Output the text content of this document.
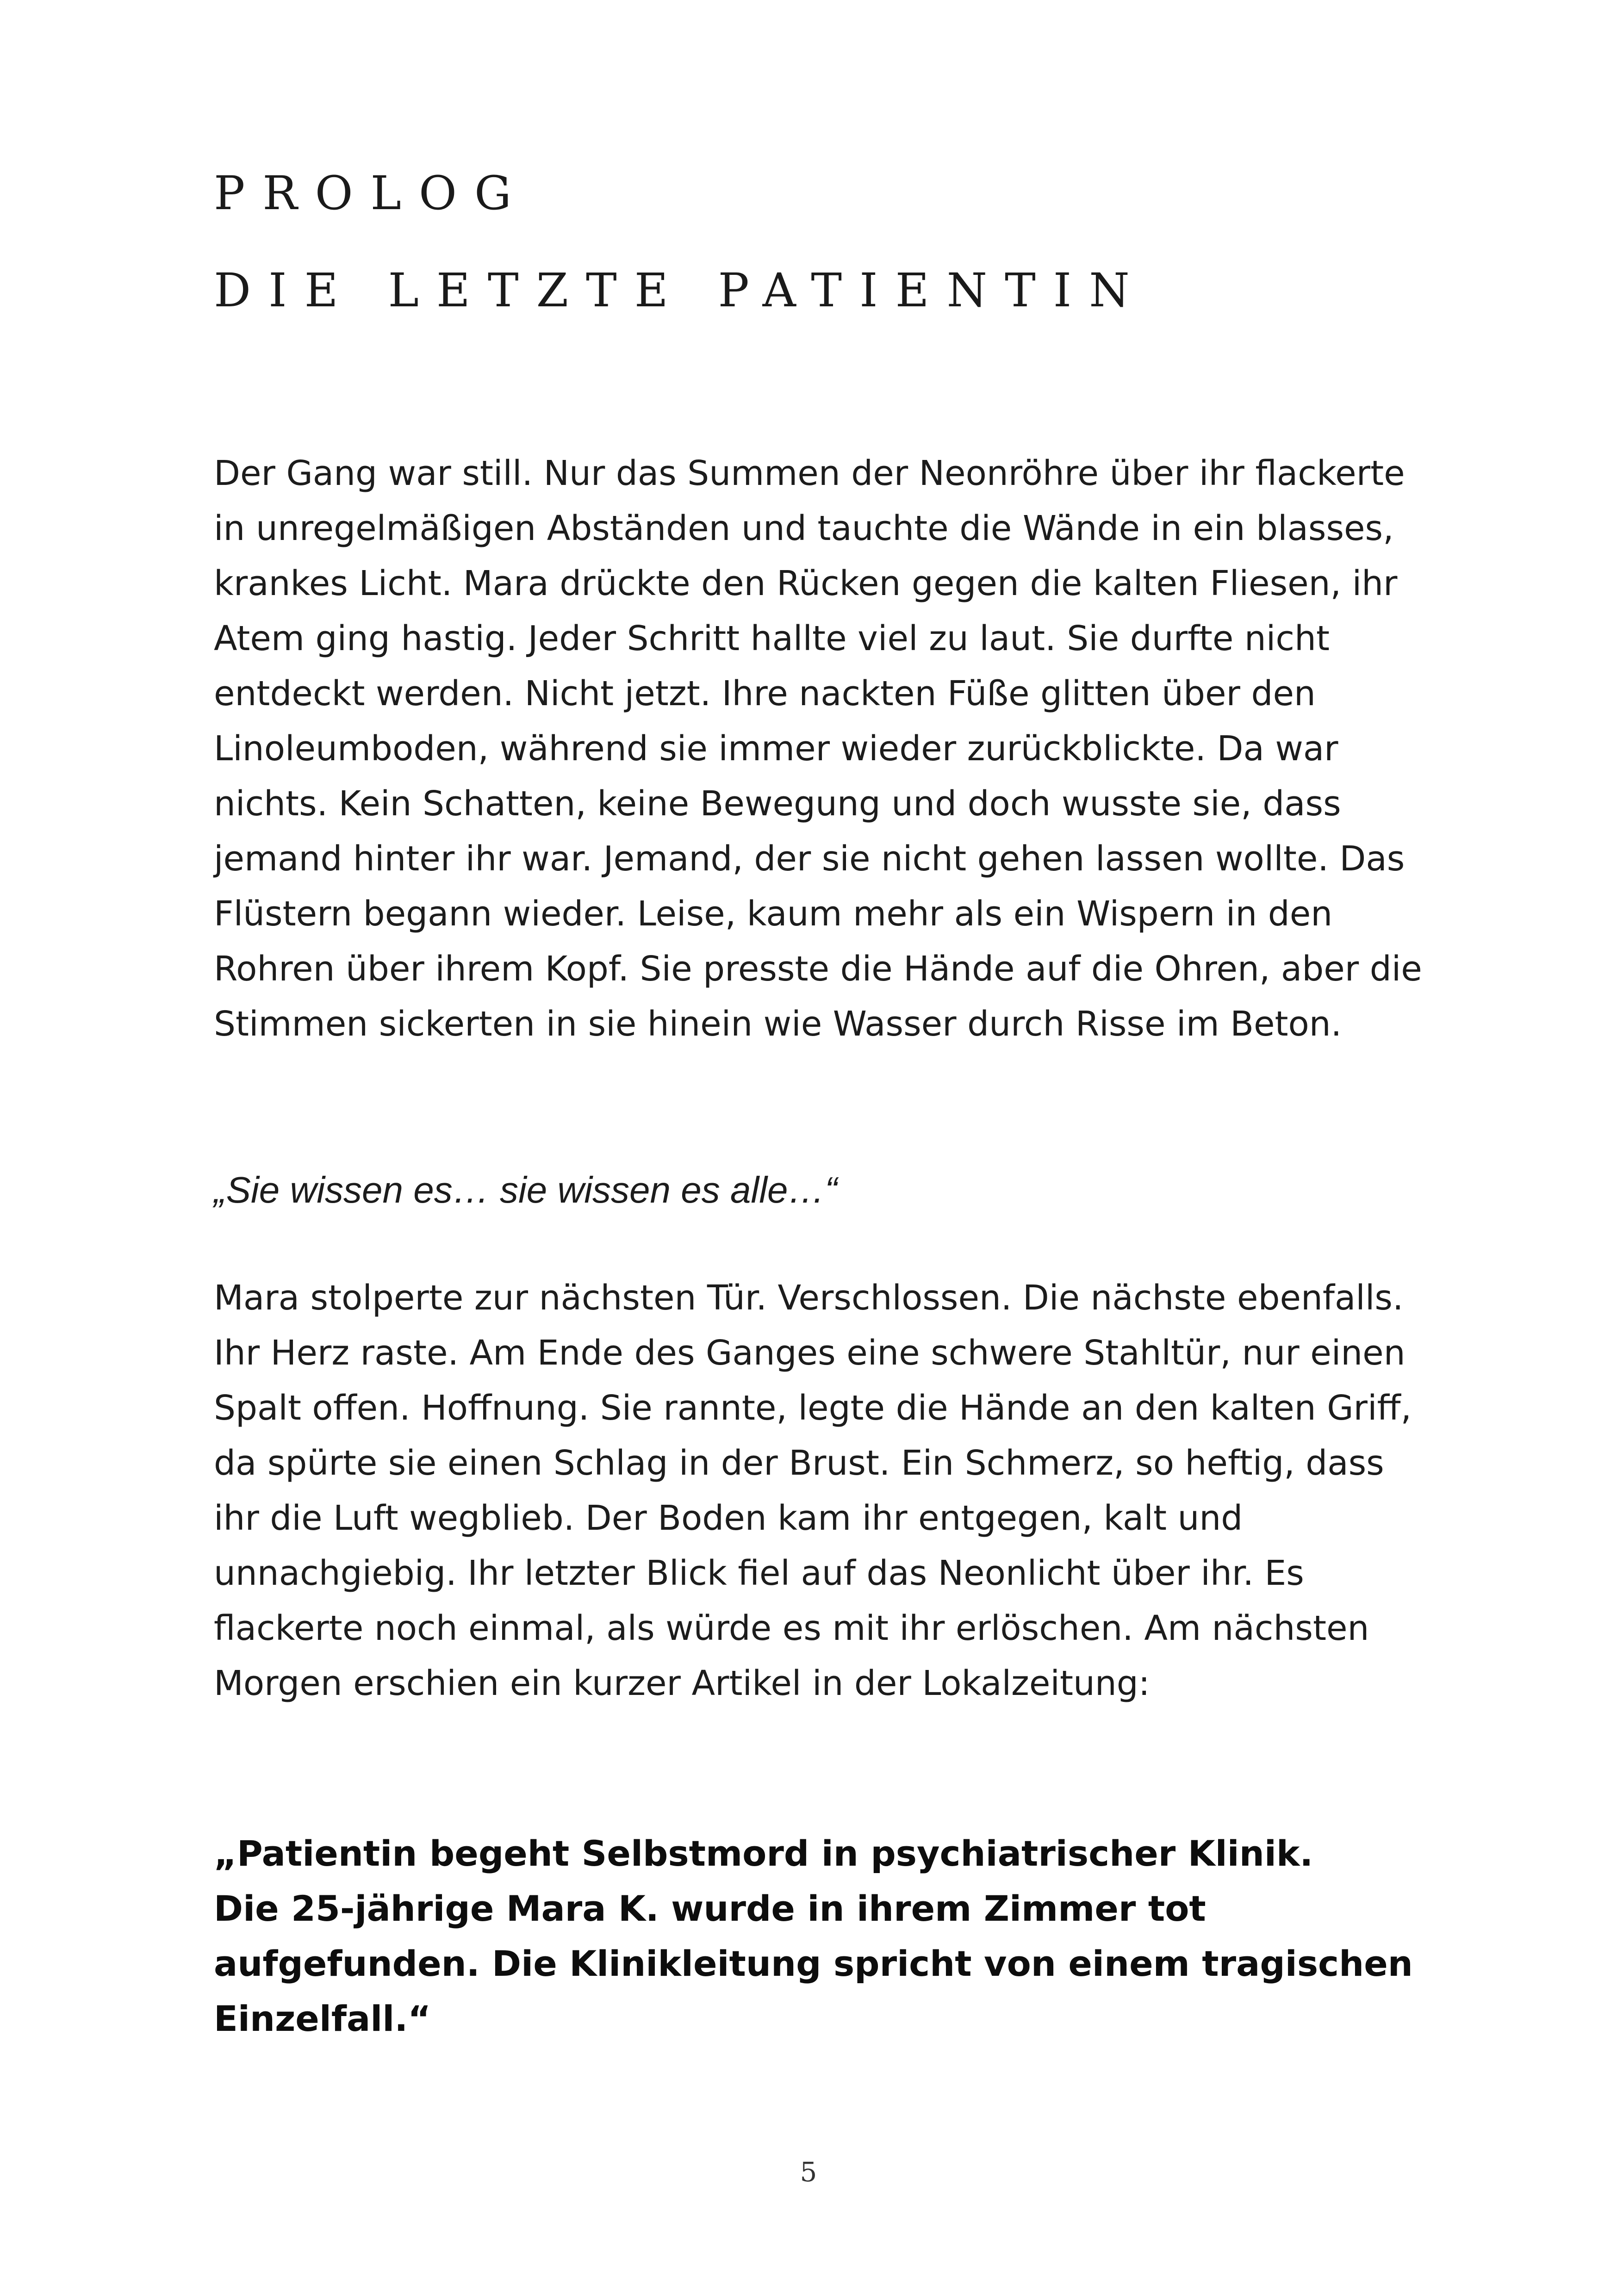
PROLOG
DIE LETZTE PATIENTIN

Der Gang war still. Nur das Summen der Neonröhre über ihr flackerte in unregelmäßigen Abständen und tauchte die Wände in ein blasses, krankes Licht. Mara drückte den Rücken gegen die kalten Fliesen, ihr Atem ging hastig. Jeder Schritt hallte viel zu laut. Sie durfte nicht entdeckt werden. Nicht jetzt. Ihre nackten Füße glitten über den Linoleumboden, während sie immer wieder zurückblickte. Da war nichts. Kein Schatten, keine Bewegung und doch wusste sie, dass jemand hinter ihr war. Jemand, der sie nicht gehen lassen wollte. Das Flüstern begann wieder. Leise, kaum mehr als ein Wispern in den Rohren über ihrem Kopf. Sie presste die Hände auf die Ohren, aber die Stimmen sickerten in sie hinein wie Wasser durch Risse im Beton.

„Sie wissen es… sie wissen es alle…“

Mara stolperte zur nächsten Tür. Verschlossen. Die nächste ebenfalls. Ihr Herz raste. Am Ende des Ganges eine schwere Stahltür, nur einen Spalt offen. Hoffnung. Sie rannte, legte die Hände an den kalten Griff, da spürte sie einen Schlag in der Brust. Ein Schmerz, so heftig, dass ihr die Luft wegblieb. Der Boden kam ihr entgegen, kalt und unnachgiebig. Ihr letzter Blick fiel auf das Neonlicht über ihr. Es flackerte noch einmal, als würde es mit ihr erlöschen. Am nächsten Morgen erschien ein kurzer Artikel in der Lokalzeitung:

„Patientin begeht Selbstmord in psychiatrischer Klinik.
Die 25-jährige Mara K. wurde in ihrem Zimmer tot aufgefunden. Die Klinikleitung spricht von einem tragischen Einzelfall.“

5
